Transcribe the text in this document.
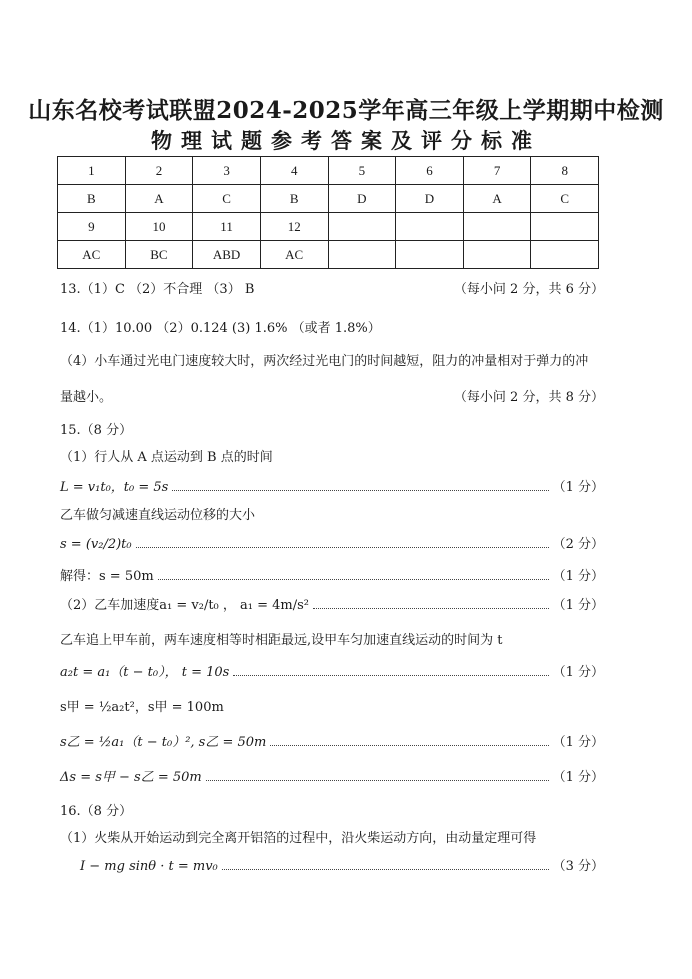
山东名校考试联盟2024-2025学年高三年级上学期期中检测
物理试题参考答案及评分标准
1	2	3	4	5	6	7	8
B	A	C	B	D	D	A	C
9	10	11	12				
AC	BC	ABD	AC				
13.（1）C （2）不合理 （3） B	（每小问 2 分，共 6 分）
14.（1）10.00 （2）0.124 (3) 1.6% （或者 1.8%）
（4）小车通过光电门速度较大时，两次经过光电门的时间越短，阻力的冲量相对于弹力的冲
量越小。	（每小问 2 分，共 8 分）
15.（8 分）
（1）行人从 A 点运动到 B 点的时间
L = v₁t₀，t₀ = 5s	（1 分）
乙车做匀减速直线运动位移的大小
s = (v₂/2)t₀	（2 分）
解得：s = 50m	（1 分）
（2）乙车加速度a₁ = v₂/t₀ ， a₁ = 4m/s²	（1 分）
乙车追上甲车前，两车速度相等时相距最远,设甲车匀加速直线运动的时间为 t
a₂t = a₁（t − t₀）， t = 10s	（1 分）
s甲 = ½a₂t²，s甲 = 100m
s乙 = ½a₁（t − t₀）², s乙 = 50m	（1 分）
Δs = s甲 − s乙 = 50m	（1 分）
16.（8 分）
（1）火柴从开始运动到完全离开铝箔的过程中，沿火柴运动方向，由动量定理可得
I − mg sinθ · t = mv₀	（3 分）
